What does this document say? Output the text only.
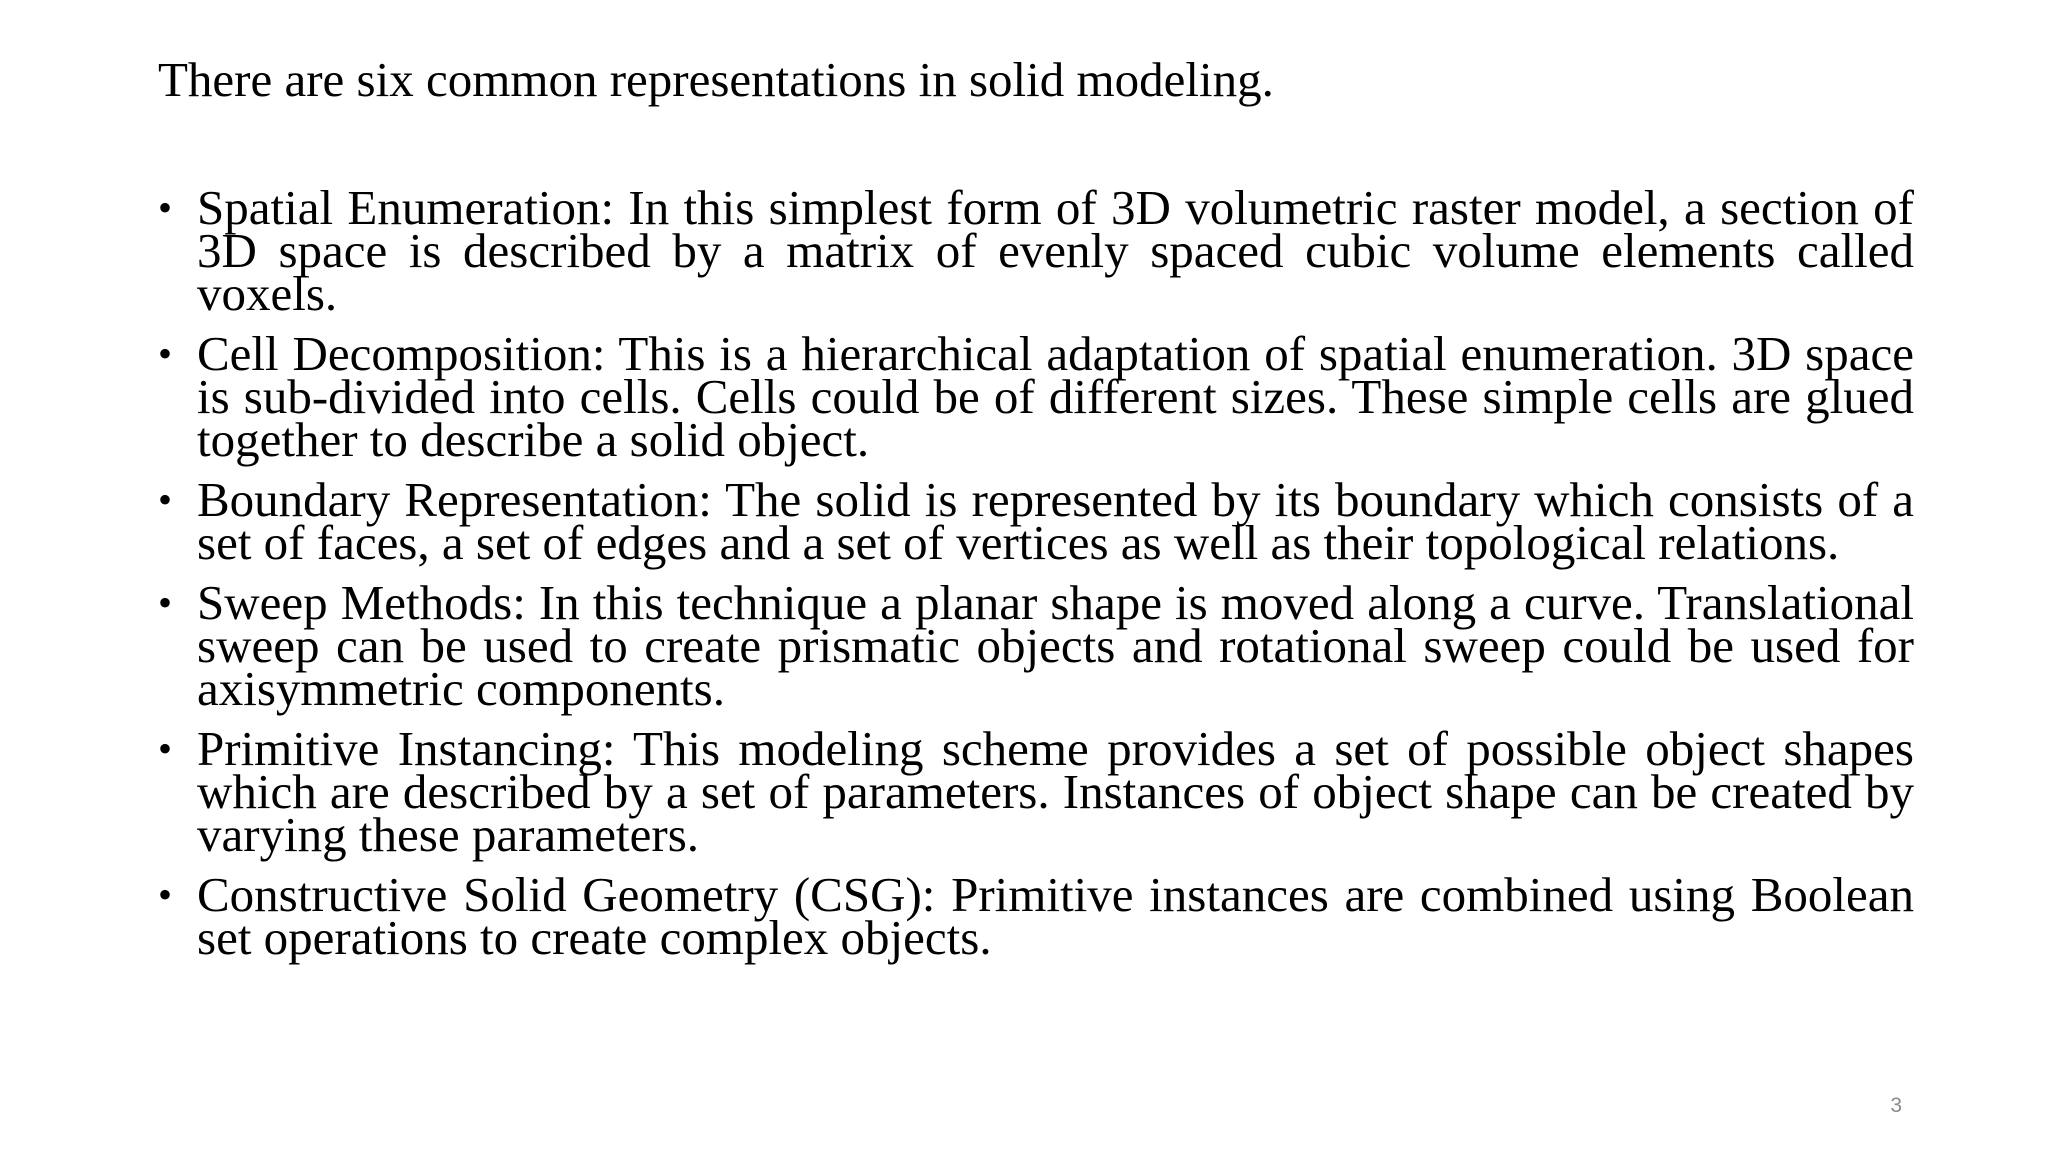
There are six common representations in solid modeling.

• Spatial Enumeration: In this simplest form of 3D volumetric raster model, a section of 3D space is described by a matrix of evenly spaced cubic volume elements called voxels.
• Cell Decomposition: This is a hierarchical adaptation of spatial enumeration. 3D space is sub-divided into cells. Cells could be of different sizes. These simple cells are glued together to describe a solid object.
• Boundary Representation: The solid is represented by its boundary which consists of a set of faces, a set of edges and a set of vertices as well as their topological relations.
• Sweep Methods: In this technique a planar shape is moved along a curve. Translational sweep can be used to create prismatic objects and rotational sweep could be used for axisymmetric components.
• Primitive Instancing: This modeling scheme provides a set of possible object shapes which are described by a set of parameters. Instances of object shape can be created by varying these parameters.
• Constructive Solid Geometry (CSG): Primitive instances are combined using Boolean set operations to create complex objects.
3
